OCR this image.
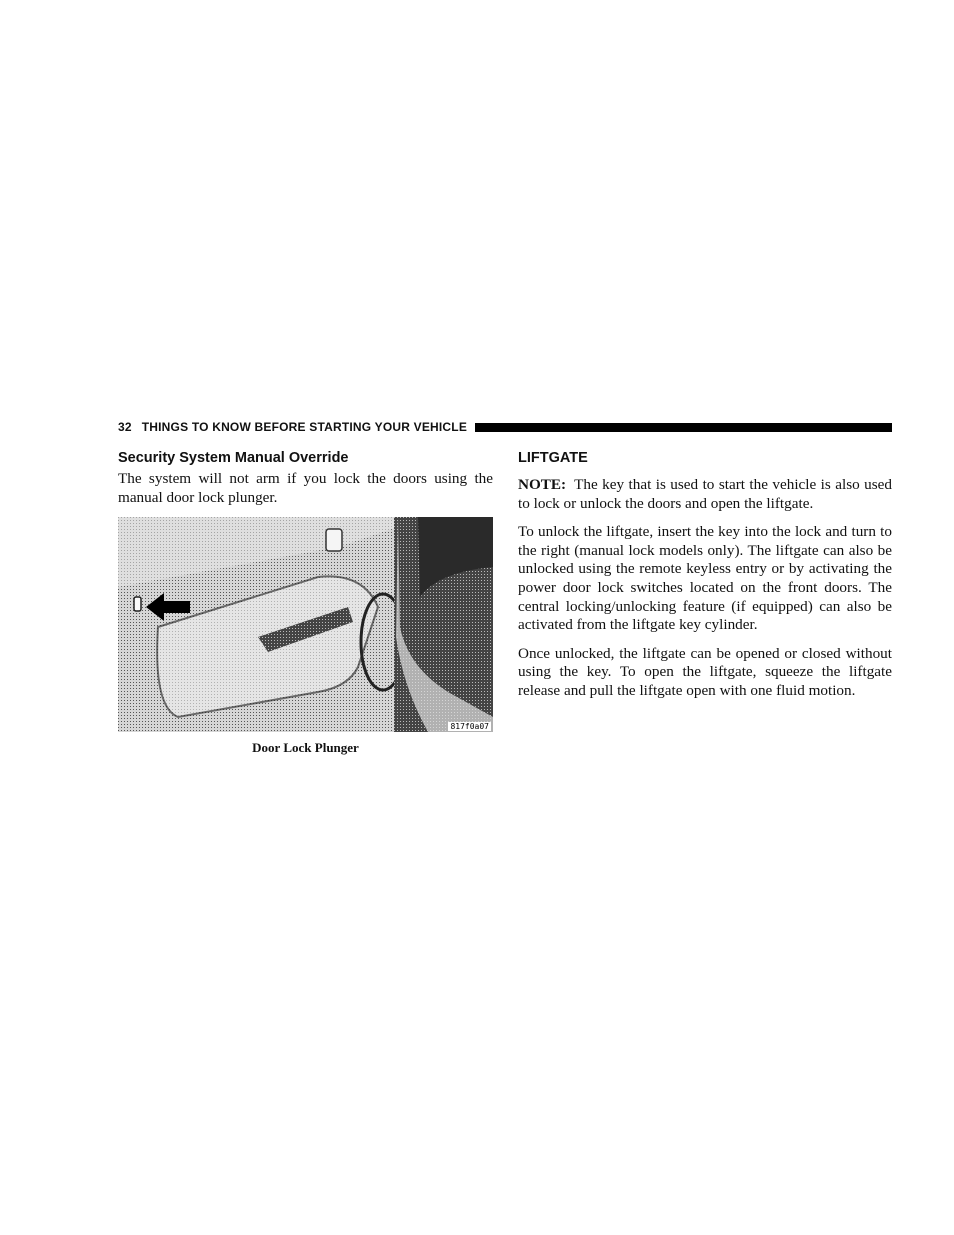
32 THINGS TO KNOW BEFORE STARTING YOUR VEHICLE
Security System Manual Override

The system will not arm if you lock the doors using the manual door lock plunger.

817f0a07
Door Lock Plunger
LIFTGATE

NOTE: The key that is used to start the vehicle is also used to lock or unlock the doors and open the liftgate.

To unlock the liftgate, insert the key into the lock and turn to the right (manual lock models only). The liftgate can also be unlocked using the remote keyless entry or by activating the power door lock switches located on the front doors. The central locking/unlocking feature (if equipped) can also be activated from the liftgate key cylinder.

Once unlocked, the liftgate can be opened or closed without using the key. To open the liftgate, squeeze the liftgate release and pull the liftgate open with one fluid motion.
